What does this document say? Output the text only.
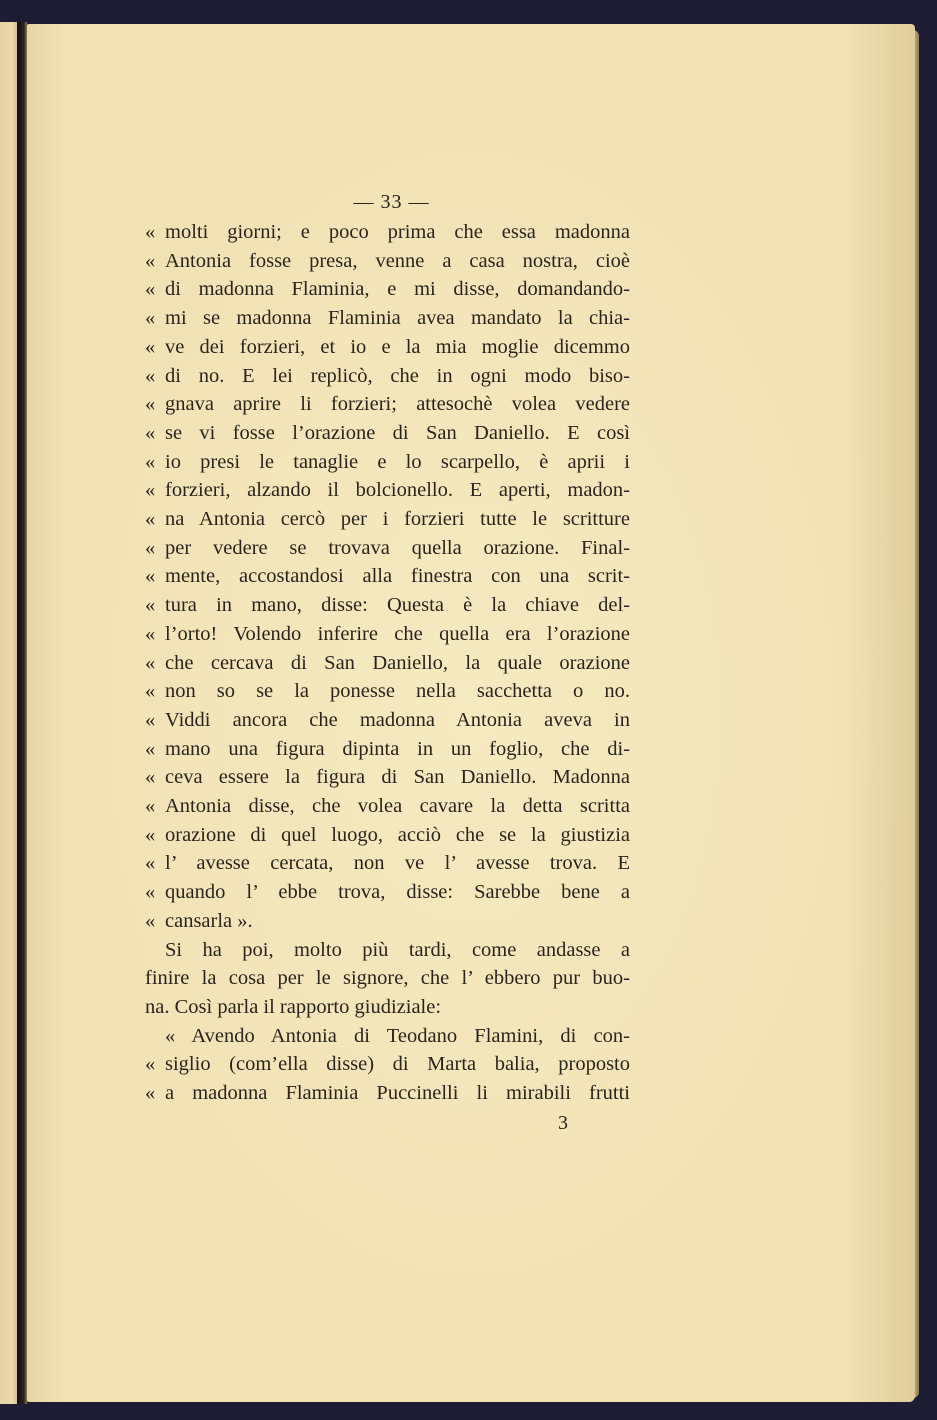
— 33 —
« molti giorni; e poco prima che essa madonna
« Antonia fosse presa, venne a casa nostra, cioè
« di madonna Flaminia, e mi disse, domandando-
« mi se madonna Flaminia avea mandato la chia-
« ve dei forzieri, et io e la mia moglie dicemmo
« di no. E lei replicò, che in ogni modo biso-
« gnava aprire li forzieri; attesochè volea vedere
« se vi fosse l’orazione di San Daniello. E così
« io presi le tanaglie e lo scarpello, è aprii i
« forzieri, alzando il bolcionello. E aperti, madon-
« na Antonia cercò per i forzieri tutte le scritture
« per vedere se trovava quella orazione. Final-
« mente, accostandosi alla finestra con una scrit-
« tura in mano, disse: Questa è la chiave del-
« l’orto! Volendo inferire che quella era l’orazione
« che cercava di San Daniello, la quale orazione
« non so se la ponesse nella sacchetta o no.
« Viddi ancora che madonna Antonia aveva in
« mano una figura dipinta in un foglio, che di-
« ceva essere la figura di San Daniello. Madonna
« Antonia disse, che volea cavare la detta scritta
« orazione di quel luogo, acciò che se la giustizia
« l’ avesse cercata, non ve l’ avesse trova. E
« quando l’ ebbe trova, disse: Sarebbe bene a
« cansarla ».
Si ha poi, molto più tardi, come andasse a
finire la cosa per le signore, che l’ ebbero pur buo-
na. Così parla il rapporto giudiziale:
« Avendo Antonia di Teodano Flamini, di con-
« siglio (com’ella disse) di Marta balia, proposto
« a madonna Flaminia Puccinelli li mirabili frutti
3
